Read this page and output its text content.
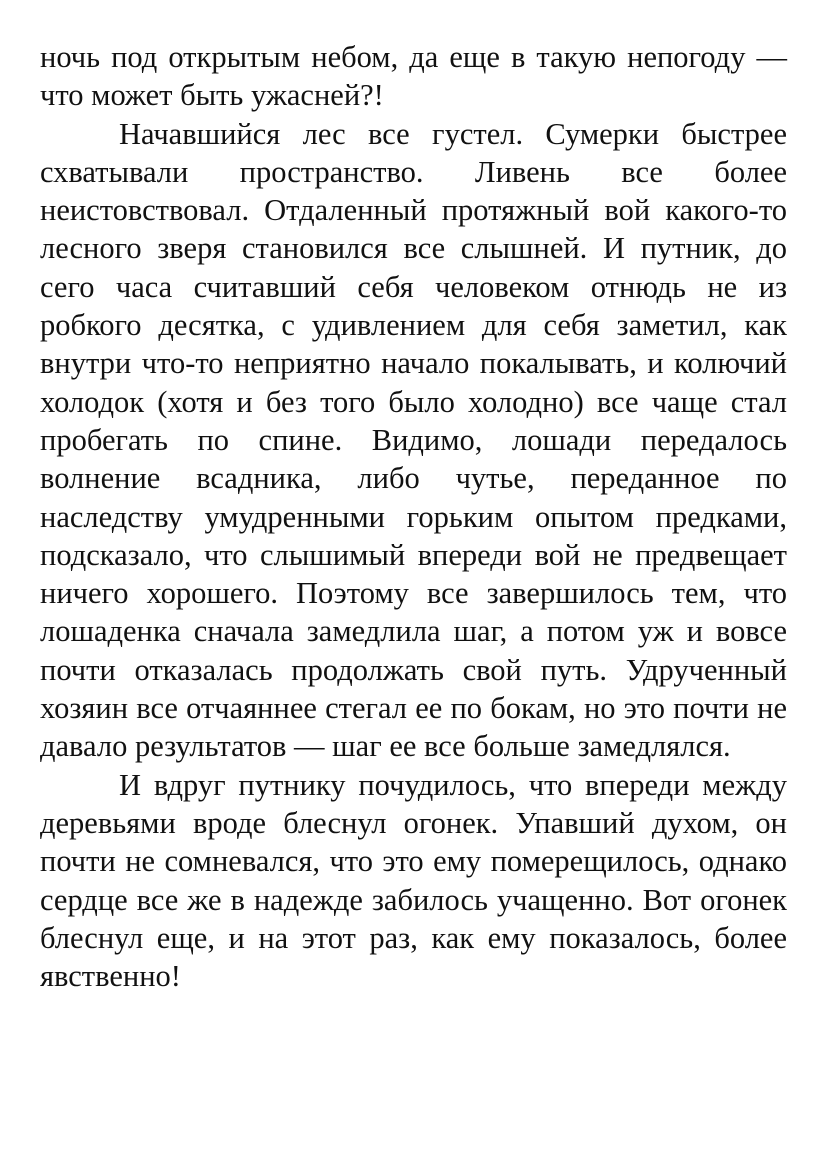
ночь под открытым небом, да еще в такую непогоду — что может быть ужасней?!

Начавшийся лес все густел. Сумерки быстрее схватывали пространство. Ливень все более неистовствовал. Отдаленный протяжный вой какого-то лесного зверя становился все слышней. И путник, до сего часа считавший себя человеком отнюдь не из робкого десятка, с удивлением для себя заметил, как внутри что-то неприятно начало покалывать, и колючий холодок (хотя и без того было холодно) все чаще стал пробегать по спине. Видимо, лошади передалось волнение всадника, либо чутье, переданное по наследству умудренными горьким опытом предками, подсказало, что слышимый впереди вой не предвещает ничего хорошего. Поэтому все завершилось тем, что лошаденка сначала замедлила шаг, а потом уж и вовсе почти отказалась продолжать свой путь. Удрученный хозяин все отчаяннее стегал ее по бокам, но это почти не давало результатов — шаг ее все больше замедлялся.

И вдруг путнику почудилось, что впереди между деревьями вроде блеснул огонек. Упавший духом, он почти не сомневался, что это ему померещилось, однако сердце все же в надежде забилось учащенно. Вот огонек блеснул еще, и на этот раз, как ему показалось, более явственно!
